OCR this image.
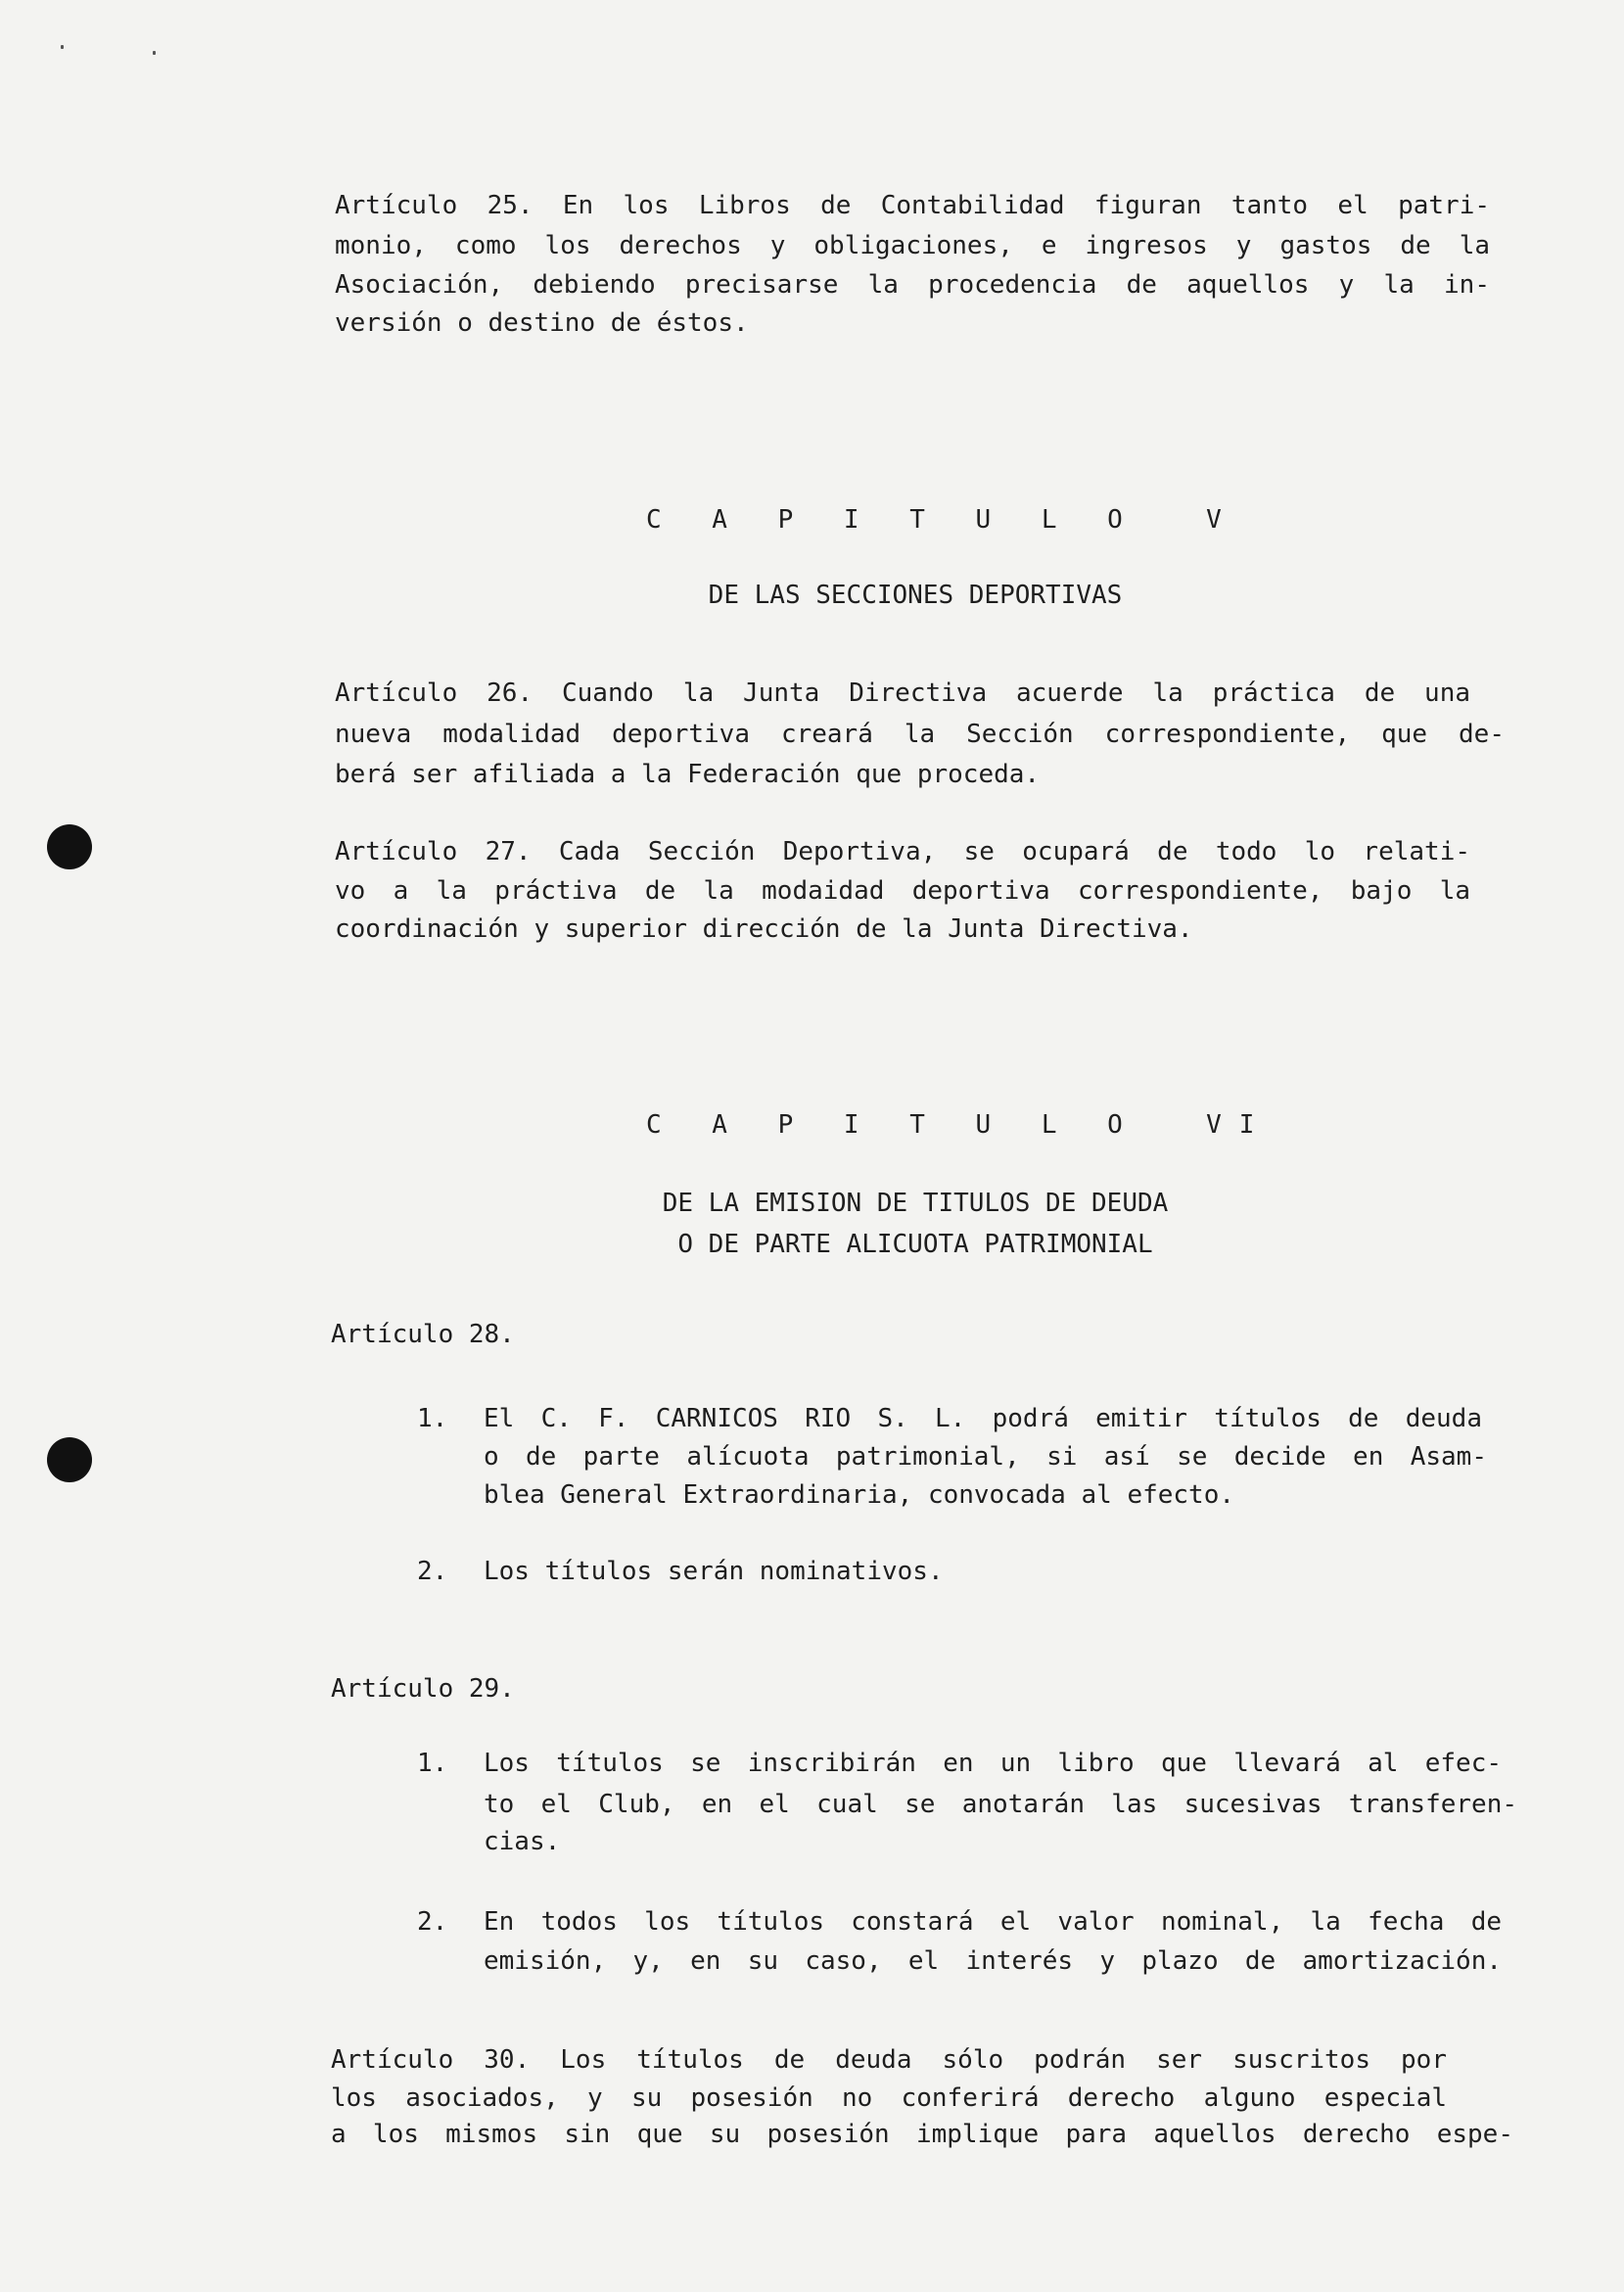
Artículo 25. En los Libros de Contabilidad figuran tanto el patri-
monio, como los derechos y obligaciones, e ingresos y gastos de la
Asociación, debiendo precisarse la procedencia de aquellos y la in-
versión o destino de éstos.
C A P I T U L O  V
DE LAS SECCIONES DEPORTIVAS
Artículo 26. Cuando la Junta Directiva acuerde la práctica de una
nueva modalidad deportiva creará la Sección correspondiente, que de-
berá ser afiliada a la Federación que proceda.
Artículo 27. Cada Sección Deportiva, se ocupará de todo lo relati-
vo a la práctiva de la modaidad deportiva correspondiente, bajo la
coordinación y superior dirección de la Junta Directiva.
C A P I T U L O  VI
DE LA EMISION DE TITULOS DE DEUDA
O DE PARTE ALICUOTA PATRIMONIAL
Artículo 28.
1. El C. F. CARNICOS RIO S. L. podrá emitir títulos de deuda
o de parte alícuota patrimonial, si así se decide en Asam-
blea General Extraordinaria, convocada al efecto.
2. Los títulos serán nominativos.
Artículo 29.
1. Los títulos se inscribirán en un libro que llevará al efec-
to el Club, en el cual se anotarán las sucesivas transferen-
cias.
2. En todos los títulos constará el valor nominal, la fecha de
emisión, y, en su caso, el interés y plazo de amortización.
Artículo 30. Los títulos de deuda sólo podrán ser suscritos por
los asociados, y su posesión no conferirá derecho alguno especial
a los mismos sin que su posesión implique para aquellos derecho espe-
